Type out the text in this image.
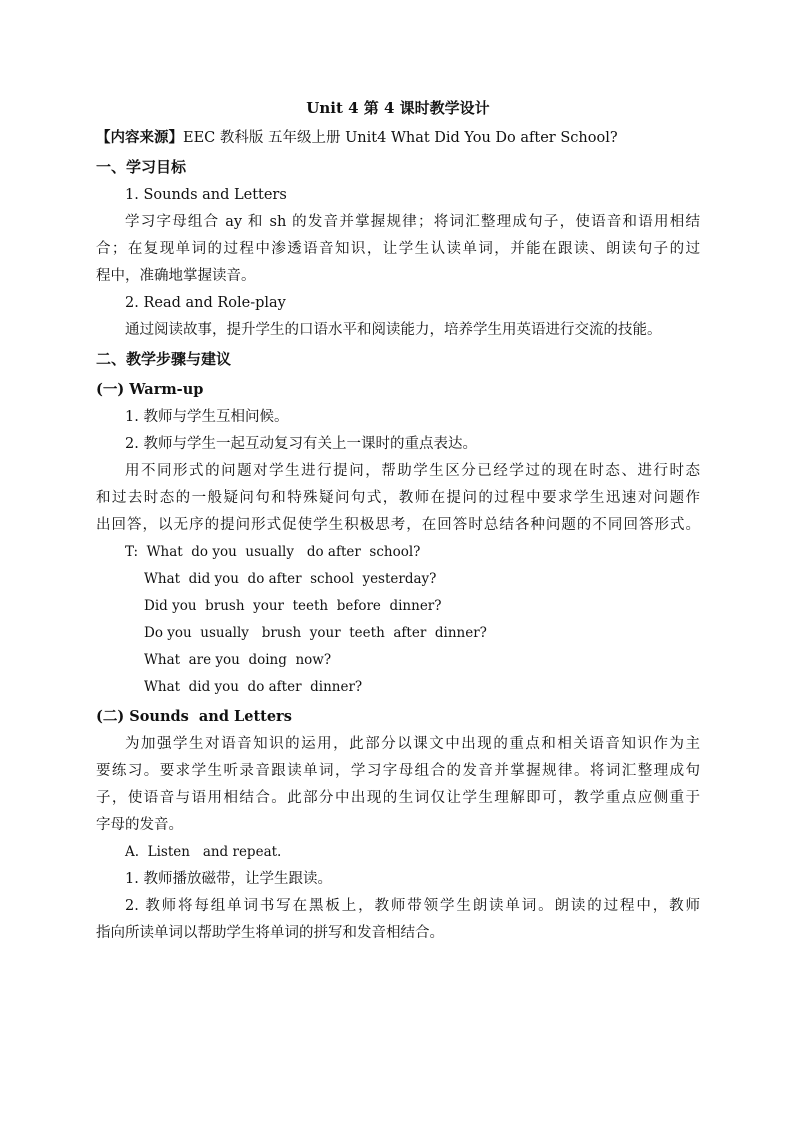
Unit 4 第 4 课时教学设计
【内容来源】EEC 教科版 五年级上册 Unit4 What Did You Do after School?
一、学习目标
1. Sounds and Letters
学习字母组合 ay 和 sh 的发音并掌握规律；将词汇整理成句子，使语音和语用相结
合；在复现单词的过程中渗透语音知识，让学生认读单词，并能在跟读、朗读句子的过
程中，准确地掌握读音。
2. Read and Role-play
通过阅读故事，提升学生的口语水平和阅读能力，培养学生用英语进行交流的技能。
二、教学步骤与建议
(一) Warm-up
1. 教师与学生互相问候。
2. 教师与学生一起互动复习有关上一课时的重点表达。
用不同形式的问题对学生进行提问，帮助学生区分已经学过的现在时态、进行时态
和过去时态的一般疑问句和特殊疑问句式，教师在提问的过程中要求学生迅速对问题作
出回答，以无序的提问形式促使学生积极思考，在回答时总结各种问题的不同回答形式。
T:  What  do you  usually   do after  school?
What  did you  do after  school  yesterday?
Did you  brush  your  teeth  before  dinner?
Do you  usually   brush  your  teeth  after  dinner?
What  are you  doing  now?
What  did you  do after  dinner?
(二) Sounds  and Letters
为加强学生对语音知识的运用，此部分以课文中出现的重点和相关语音知识作为主
要练习。要求学生听录音跟读单词，学习字母组合的发音并掌握规律。将词汇整理成句
子，使语音与语用相结合。此部分中出现的生词仅让学生理解即可，教学重点应侧重于
字母的发音。
A.  Listen   and repeat.
1. 教师播放磁带，让学生跟读。
2. 教师将每组单词书写在黑板上，教师带领学生朗读单词。朗读的过程中，教师
指向所读单词以帮助学生将单词的拼写和发音相结合。
